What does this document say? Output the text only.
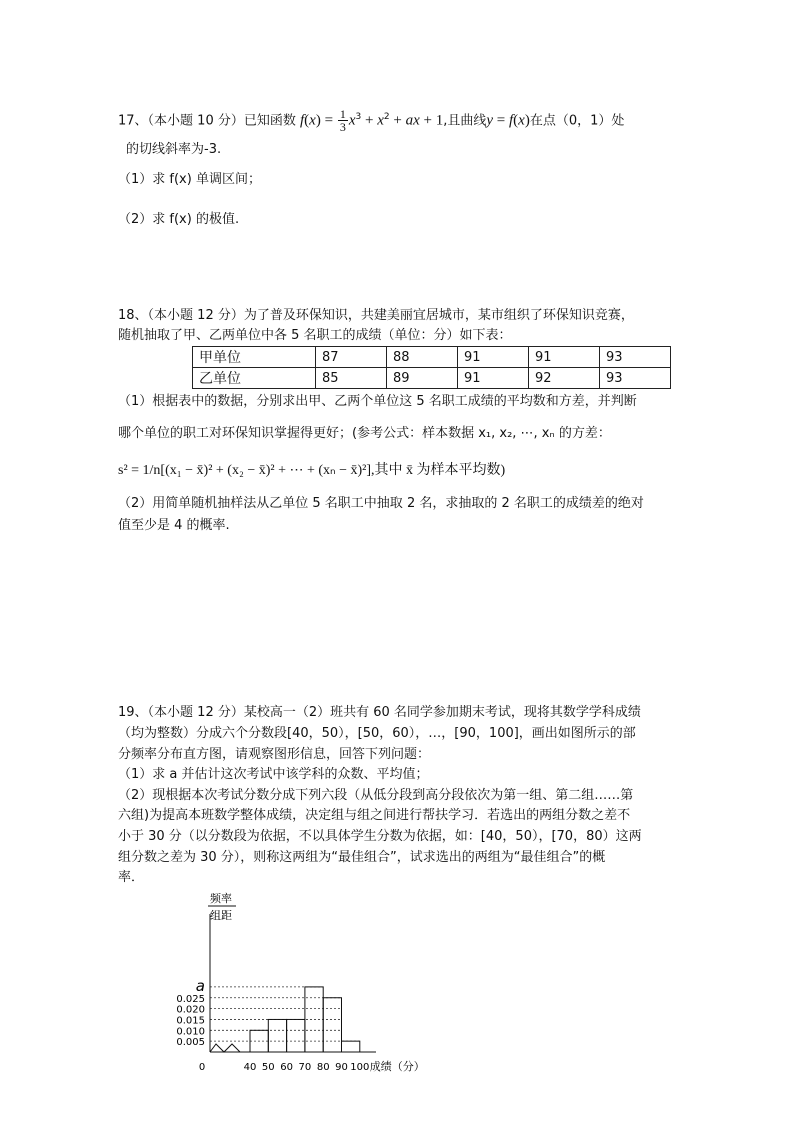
17、（本小题 10 分）已知函数 $f(x) = \frac{1}{3} x^3 + x^2$ + ax + 1,且曲线y = f(x)在点（0，1）处
的切线斜率为-3.
（1）求 f(x) 单调区间；
（2）求 f(x) 的极值.
18、（本小题 12 分）为了普及环保知识，共建美丽宜居城市，某市组织了环保知识竞赛，
随机抽取了甲、乙两单位中各 5 名职工的成绩（单位：分）如下表：
甲单位	87	88	91	91	93
乙单位	85	89	91	92	93
（1）根据表中的数据，分别求出甲、乙两个单位这 5 名职工成绩的平均数和方差，并判断
哪个单位的职工对环保知识掌握得更好；(参考公式：样本数据 x₁, x₂, ⋯, xₙ 的方差：
s² = 1/n[(x₁ − x̄)² + (x₂ − x̄)² + ⋯ + (xₙ − x̄)²],其中 x̄ 为样本平均数)
（2）用简单随机抽样法从乙单位 5 名职工中抽取 2 名，求抽取的 2 名职工的成绩差的绝对
值至少是 4 的概率.
19、（本小题 12 分）某校高一（2）班共有 60 名同学参加期末考试，现将其数学学科成绩
（均为整数）分成六个分数段[40，50），[50，60），…，[90，100]，画出如图所示的部
分频率分布直方图，请观察图形信息，回答下列问题：
（1）求 a 并估计这次考试中该学科的众数、平均值；
（2）现根据本次考试分数分成下列六段（从低分段到高分段依次为第一组、第二组……第
六组)为提高本班数学整体成绩，决定组与组之间进行帮扶学习．若选出的两组分数之差不
小于 30 分（以分数段为依据，不以具体学生分数为依据，如：[40，50），[70，80）这两
组分数之差为 30 分），则称这两组为“最佳组合”，试求选出的两组为“最佳组合”的概
率．
频率
组距
0.005
0.010
0.015
0.020
0.025
a
0	40 50 60 70 80 90 100 成绩（分）
